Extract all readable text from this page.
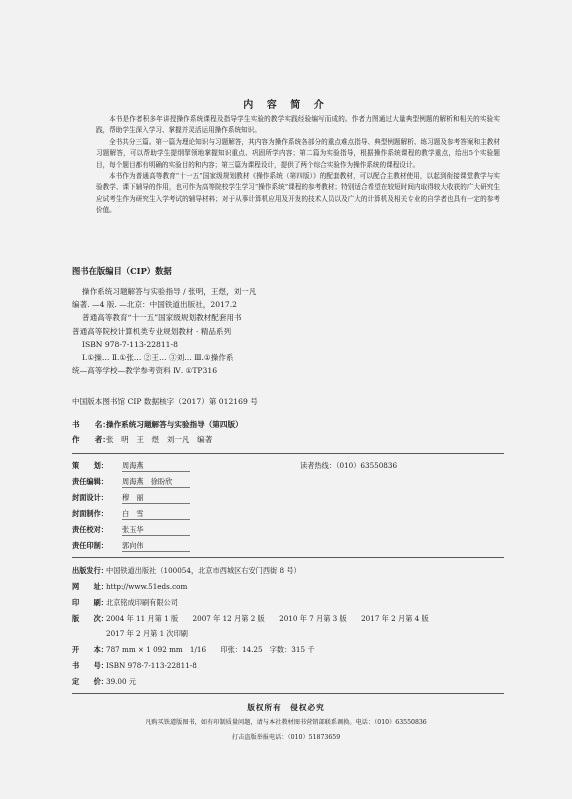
内 容 简 介

本书是作者积多年讲授操作系统课程及指导学生实验的教学实践经验编写而成的。作者力图通过大量典型例题的解析和相关的实验实践，帮助学生深入学习、掌握并灵活运用操作系统知识。

全书共分三篇。第一篇为理论知识与习题解答，其内容为操作系统各部分的重点难点指导、典型例题解析、练习题及参考答案和主教材习题解答，可以帮助学生提纲挈领地掌握知识重点、巩固所学内容；第二篇为实验指导，根据操作系统课程的教学重点，给出5个实验题目，每个题目都有明确的实验目的和内容；第三篇为课程设计，提供了两个综合实验作为操作系统的课程设计。

本书作为普通高等教育“十一五”国家级规划教材《操作系统（第四版）》的配套教材，可以配合主教材使用，以起到衔接课堂教学与实验教学、课下辅导的作用，也可作为高等院校学生学习“操作系统”课程的参考教材；特别适合希望在较短时间内取得较大收获的广大研究生应试考生作为研究生入学考试的辅导材料；对于从事计算机应用及开发的技术人员以及广大的计算机及相关专业的自学者也具有一定的参考价值。

图书在版编目（CIP）数据
操作系统习题解答与实验指导 / 张明，王煜，刘一凡
编著. —4 版. —北京：中国铁道出版社，2017.2
普通高等教育“十一五”国家级规划教材配套用书
普通高等院校计算机类专业规划教材 · 精品系列
ISBN 978-7-113-22811-8
Ⅰ.①操… Ⅱ.①张… ②王… ③刘… Ⅲ.①操作系
统—高等学校—教学参考资料 Ⅳ. ①TP316
中国版本图书馆 CIP 数据核字（2017）第 012169 号
书　　名：操作系统习题解答与实验指导（第四版）
作　　者：张　明　王　煜　刘一凡　编著
策　　划： 周海燕	读者热线：（010）63550836
责任编辑： 周海燕　徐盼欣
封面设计： 穆　丽
封面制作： 白　雪
责任校对： 张玉华
责任印制： 郭向伟
出版发行：中国铁道出版社（100054，北京市西城区右安门西街 8 号）
网　　址：http://www.51eds.com
印　　刷：北京铭成印刷有限公司
版　　次：2004 年 11 月第 1 版　　2007 年 12 月第 2 版　　2010 年 7 月第 3 版　　2017 年 2 月第 4 版
2017 年 2 月第 1 次印刷
开　　本：787 mm × 1 092 mm　1/16　　印张：14.25　字数：315 千
书　　号：ISBN 978-7-113-22811-8
定　　价：39.00 元
版权所有　侵权必究
凡购买铁道版图书，如有印制质量问题，请与本社教材图书营销部联系调换。电话：（010）63550836
打击盗版举报电话：（010）51873659
